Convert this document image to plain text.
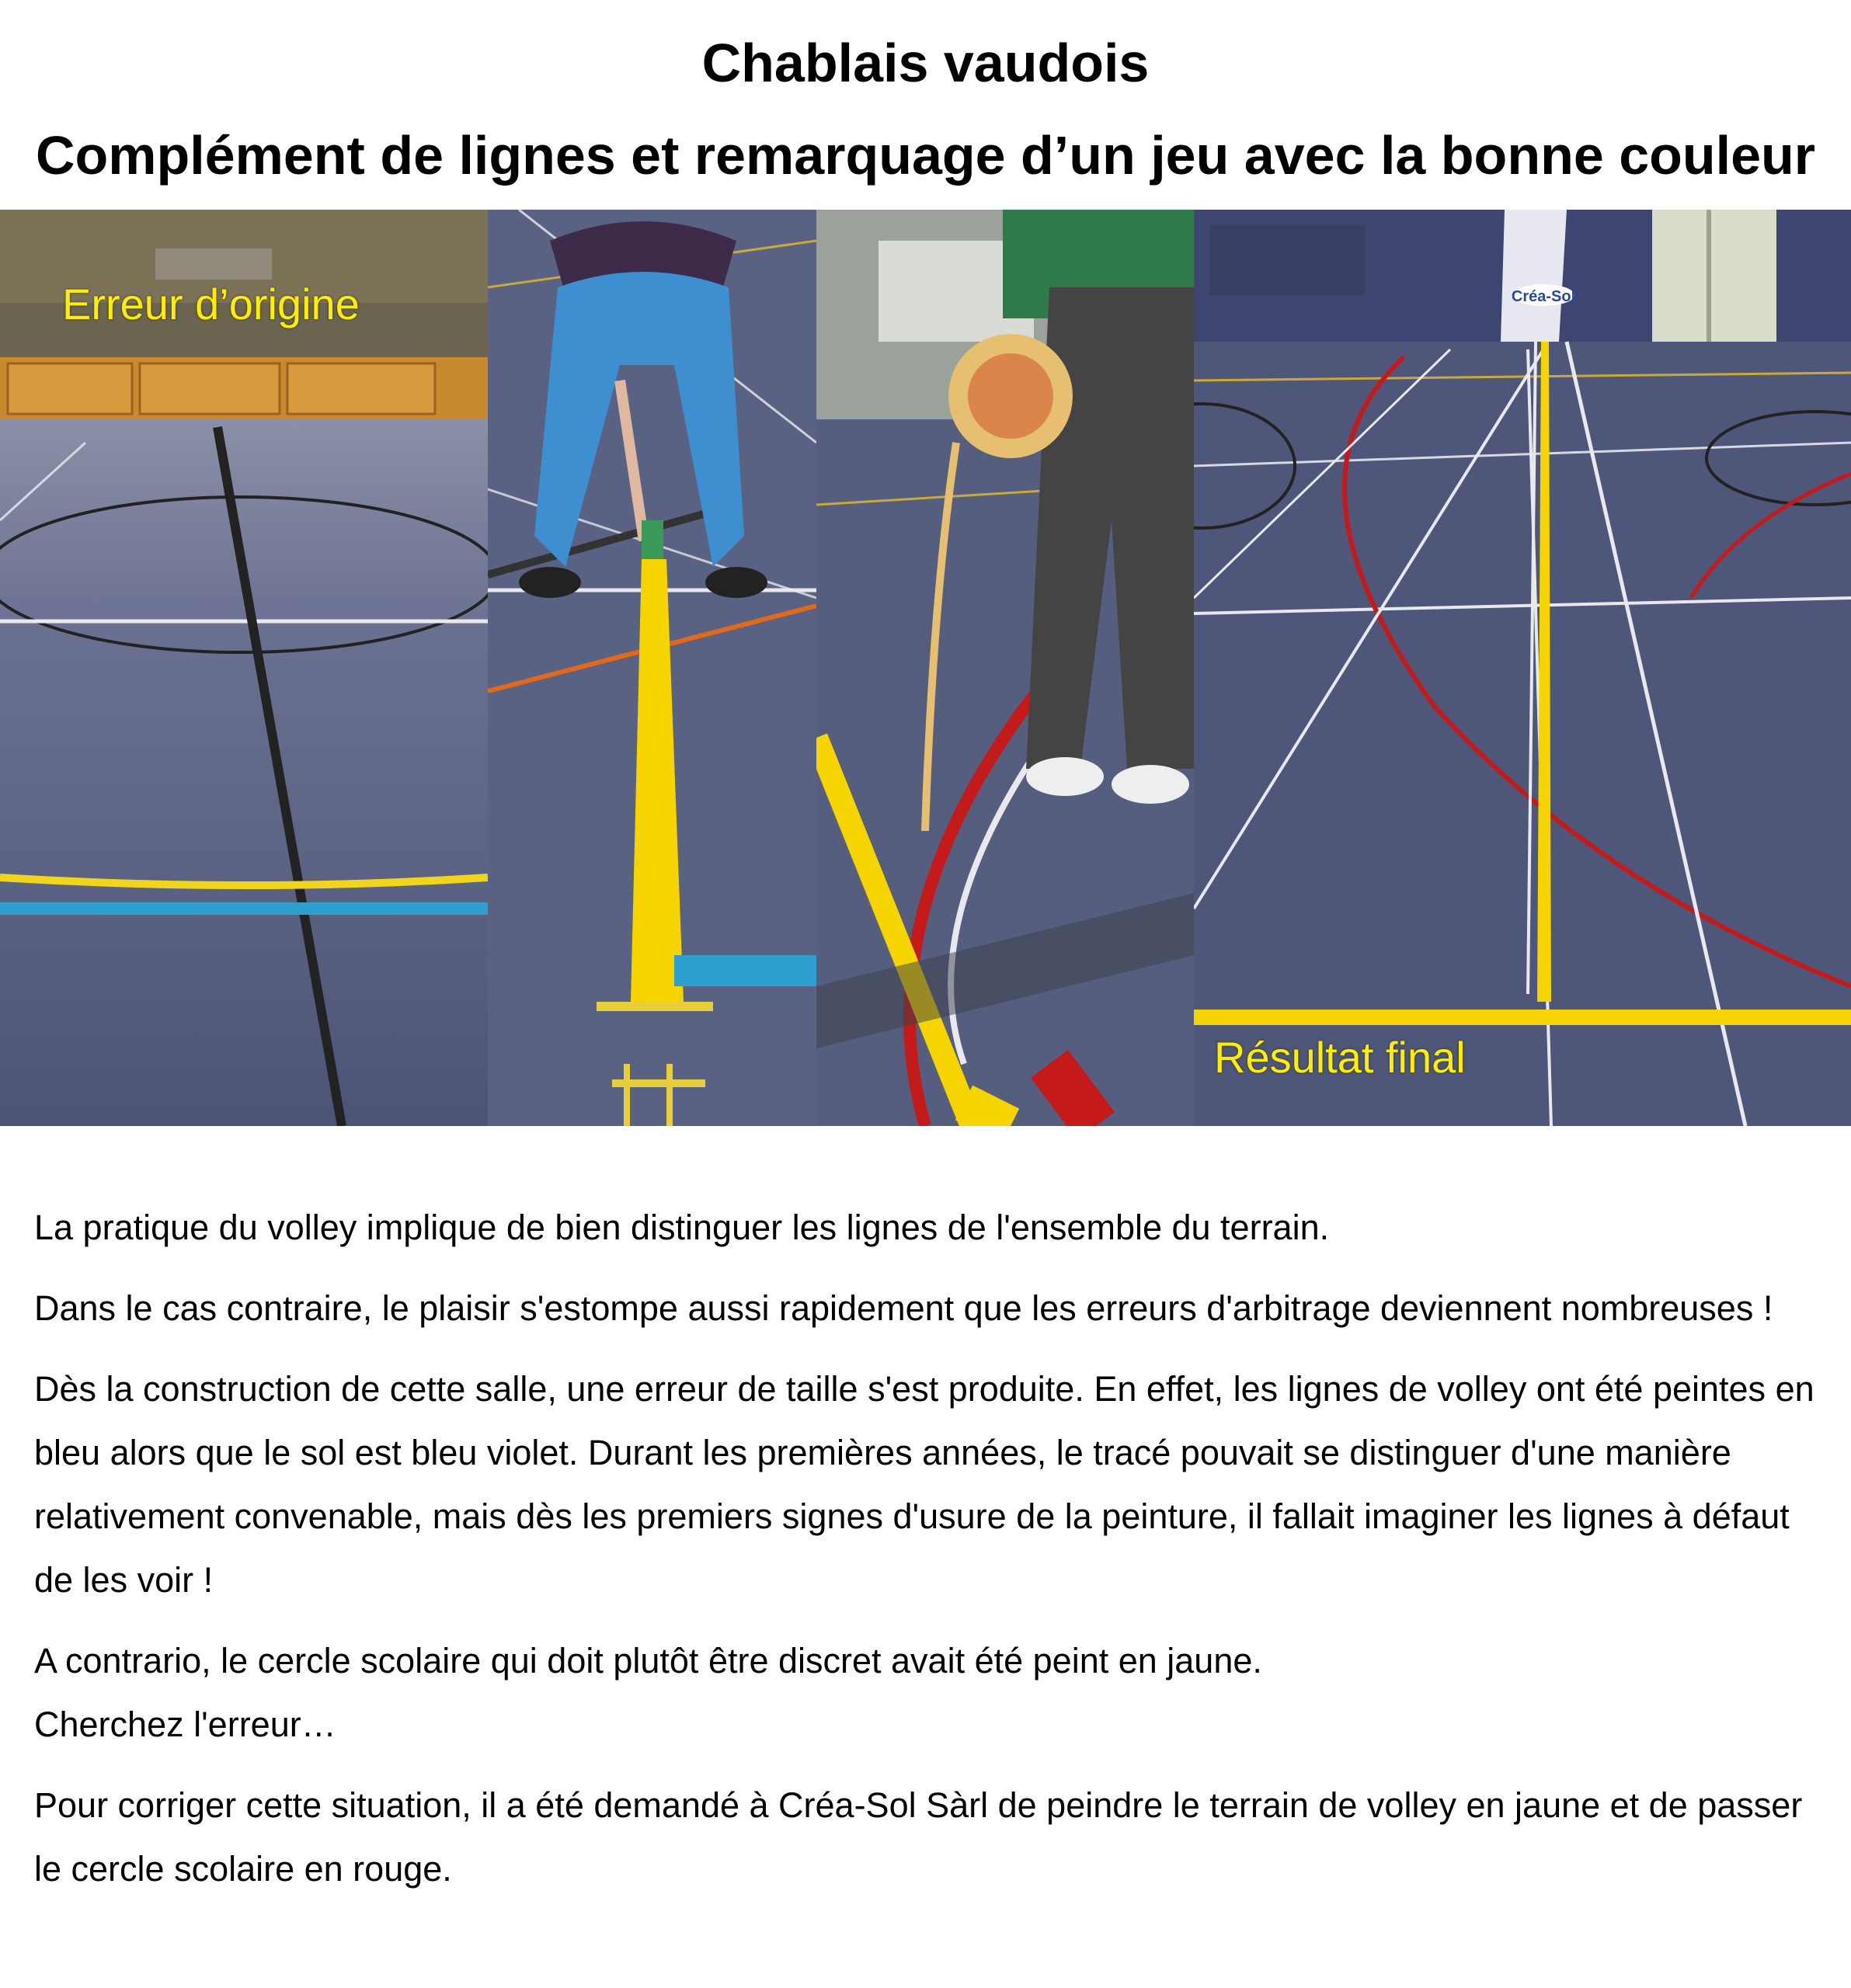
Chablais vaudois
Complément de lignes et remarquage d’un jeu avec la bonne couleur
Erreur d’origine	Créa-Sol
Résultat final

La pratique du volley implique de bien distinguer les lignes de l'ensemble du terrain.

Dans le cas contraire, le plaisir s'estompe aussi rapidement que les erreurs d'arbitrage deviennent nombreuses !

Dès la construction de cette salle, une erreur de taille s'est produite. En effet, les lignes de volley ont été peintes en bleu alors que le sol est bleu violet. Durant les premières années, le tracé pouvait se distinguer d'une manière relativement convenable, mais dès les premiers signes d'usure de la peinture, il fallait imaginer les lignes à défaut de les voir !

A contrario, le cercle scolaire qui doit plutôt être discret avait été peint en jaune.

Cherchez l'erreur…

Pour corriger cette situation, il a été demandé à Créa-Sol Sàrl de peindre le terrain de volley en jaune et de passer le cercle scolaire en rouge.
